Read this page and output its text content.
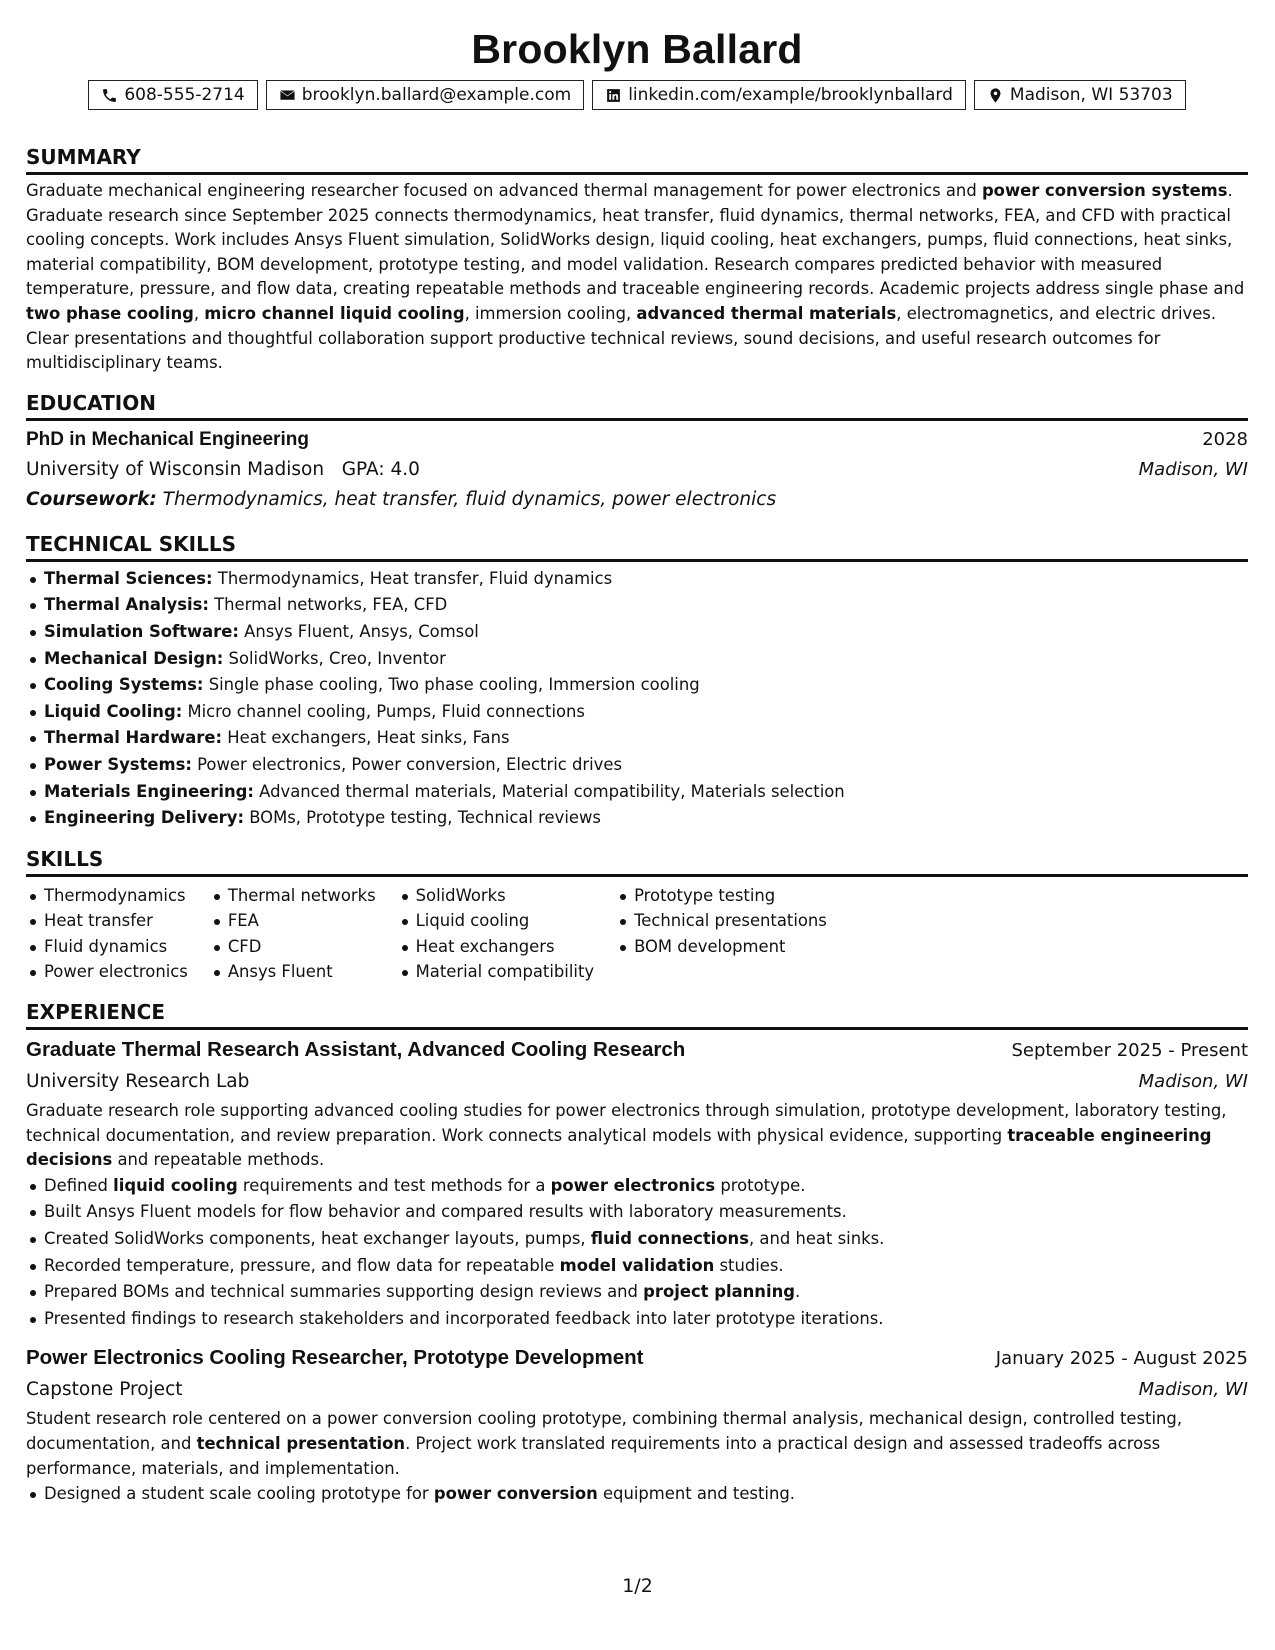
Brooklyn Ballard
608-555-2714	brooklyn.ballard@example.com	linkedin.com/example/brooklynballard	Madison, WI 53703
SUMMARY

Graduate mechanical engineering researcher focused on advanced thermal management for power electronics and power conversion systems. Graduate research since September 2025 connects thermodynamics, heat transfer, fluid dynamics, thermal networks, FEA, and CFD with practical cooling concepts. Work includes Ansys Fluent simulation, SolidWorks design, liquid cooling, heat exchangers, pumps, fluid connections, heat sinks, material compatibility, BOM development, prototype testing, and model validation. Research compares predicted behavior with measured temperature, pressure, and flow data, creating repeatable methods and traceable engineering records. Academic projects address single phase and two phase cooling, micro channel liquid cooling, immersion cooling, advanced thermal materials, electromagnetics, and electric drives. Clear presentations and thoughtful collaboration support productive technical reviews, sound decisions, and useful research outcomes for multidisciplinary teams.

EDUCATION
PhD in Mechanical Engineering	2028
University of Wisconsin Madison GPA: 4.0	Madison, WI
Coursework: Thermodynamics, heat transfer, fluid dynamics, power electronics
TECHNICAL SKILLS
Thermal Sciences: Thermodynamics, Heat transfer, Fluid dynamics
Thermal Analysis: Thermal networks, FEA, CFD
Simulation Software: Ansys Fluent, Ansys, Comsol
Mechanical Design: SolidWorks, Creo, Inventor
Cooling Systems: Single phase cooling, Two phase cooling, Immersion cooling
Liquid Cooling: Micro channel cooling, Pumps, Fluid connections
Thermal Hardware: Heat exchangers, Heat sinks, Fans
Power Systems: Power electronics, Power conversion, Electric drives
Materials Engineering: Advanced thermal materials, Material compatibility, Materials selection
Engineering Delivery: BOMs, Prototype testing, Technical reviews
SKILLS
Thermodynamics
Heat transfer
Fluid dynamics
Power electronics
Thermal networks
FEA
CFD
Ansys Fluent
SolidWorks
Liquid cooling
Heat exchangers
Material compatibility
Prototype testing
Technical presentations
BOM development
EXPERIENCE
Graduate Thermal Research Assistant, Advanced Cooling Research	September 2025 - Present
University Research Lab	Madison, WI

Graduate research role supporting advanced cooling studies for power electronics through simulation, prototype development, laboratory testing, technical documentation, and review preparation. Work connects analytical models with physical evidence, supporting traceable engineering decisions and repeatable methods.

Defined liquid cooling requirements and test methods for a power electronics prototype.
Built Ansys Fluent models for flow behavior and compared results with laboratory measurements.
Created SolidWorks components, heat exchanger layouts, pumps, fluid connections, and heat sinks.
Recorded temperature, pressure, and flow data for repeatable model validation studies.
Prepared BOMs and technical summaries supporting design reviews and project planning.
Presented findings to research stakeholders and incorporated feedback into later prototype iterations.
Power Electronics Cooling Researcher, Prototype Development	January 2025 - August 2025
Capstone Project	Madison, WI

Student research role centered on a power conversion cooling prototype, combining thermal analysis, mechanical design, controlled testing, documentation, and technical presentation. Project work translated requirements into a practical design and assessed tradeoffs across performance, materials, and implementation.

Designed a student scale cooling prototype for power conversion equipment and testing.
1/2
